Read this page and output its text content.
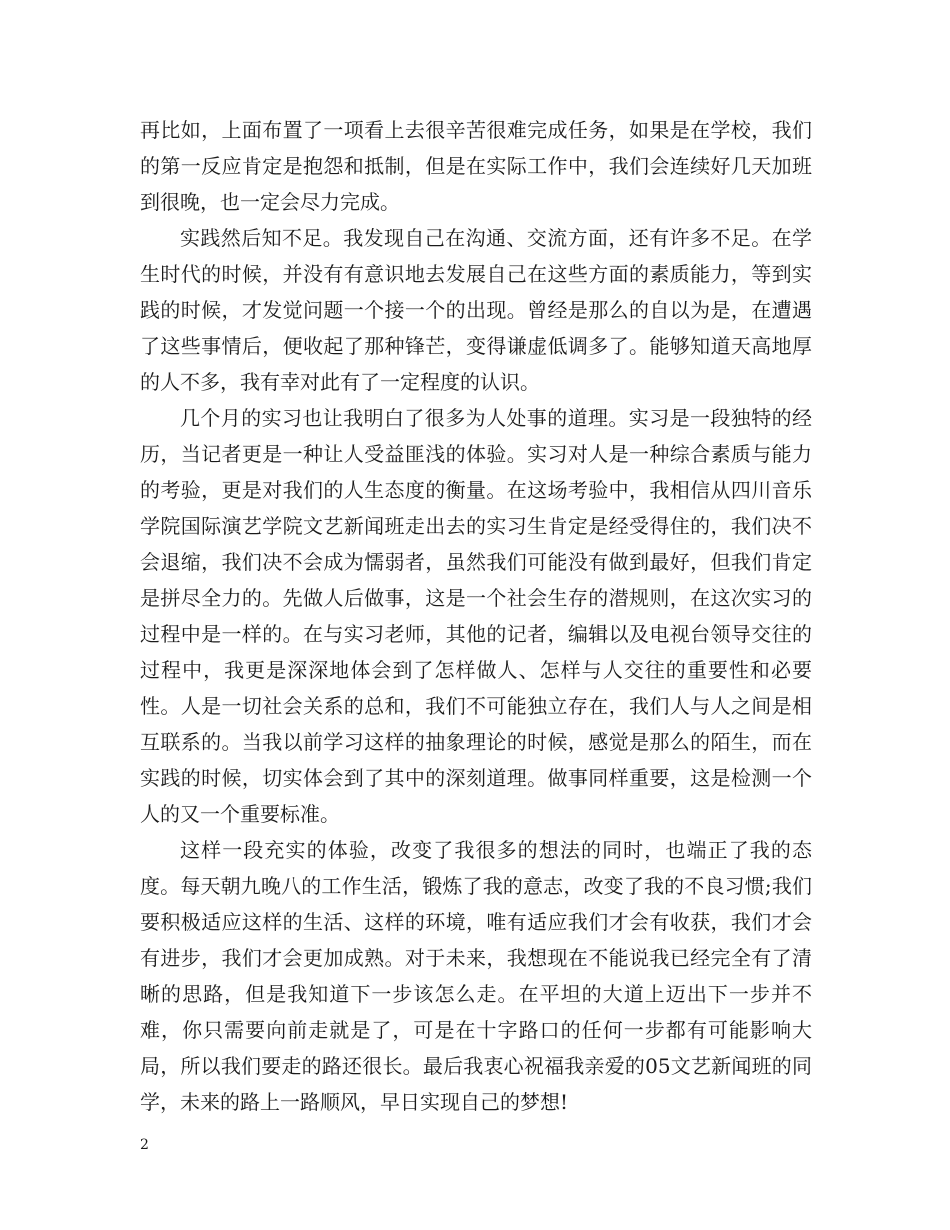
再比如，上面布置了一项看上去很辛苦很难完成任务，如果是在学校，我们的第一反应肯定是抱怨和抵制，但是在实际工作中，我们会连续好几天加班到很晚，也一定会尽力完成。

实践然后知不足。我发现自己在沟通、交流方面，还有许多不足。在学生时代的时候，并没有有意识地去发展自己在这些方面的素质能力，等到实践的时候，才发觉问题一个接一个的出现。曾经是那么的自以为是，在遭遇了这些事情后，便收起了那种锋芒，变得谦虚低调多了。能够知道天高地厚的人不多，我有幸对此有了一定程度的认识。

几个月的实习也让我明白了很多为人处事的道理。实习是一段独特的经历，当记者更是一种让人受益匪浅的体验。实习对人是一种综合素质与能力的考验，更是对我们的人生态度的衡量。在这场考验中，我相信从四川音乐学院国际演艺学院文艺新闻班走出去的实习生肯定是经受得住的，我们决不会退缩，我们决不会成为懦弱者，虽然我们可能没有做到最好，但我们肯定是拼尽全力的。先做人后做事，这是一个社会生存的潜规则，在这次实习的过程中是一样的。在与实习老师，其他的记者，编辑以及电视台领导交往的过程中，我更是深深地体会到了怎样做人、怎样与人交往的重要性和必要性。人是一切社会关系的总和，我们不可能独立存在，我们人与人之间是相互联系的。当我以前学习这样的抽象理论的时候，感觉是那么的陌生，而在实践的时候，切实体会到了其中的深刻道理。做事同样重要，这是检测一个人的又一个重要标准。

这样一段充实的体验，改变了我很多的想法的同时，也端正了我的态度。每天朝九晚八的工作生活，锻炼了我的意志，改变了我的不良习惯;我们要积极适应这样的生活、这样的环境，唯有适应我们才会有收获，我们才会有进步，我们才会更加成熟。对于未来，我想现在不能说我已经完全有了清晰的思路，但是我知道下一步该怎么走。在平坦的大道上迈出下一步并不难，你只需要向前走就是了，可是在十字路口的任何一步都有可能影响大局，所以我们要走的路还很长。最后我衷心祝福我亲爱的05文艺新闻班的同学，未来的路上一路顺风，早日实现自己的梦想!

2
